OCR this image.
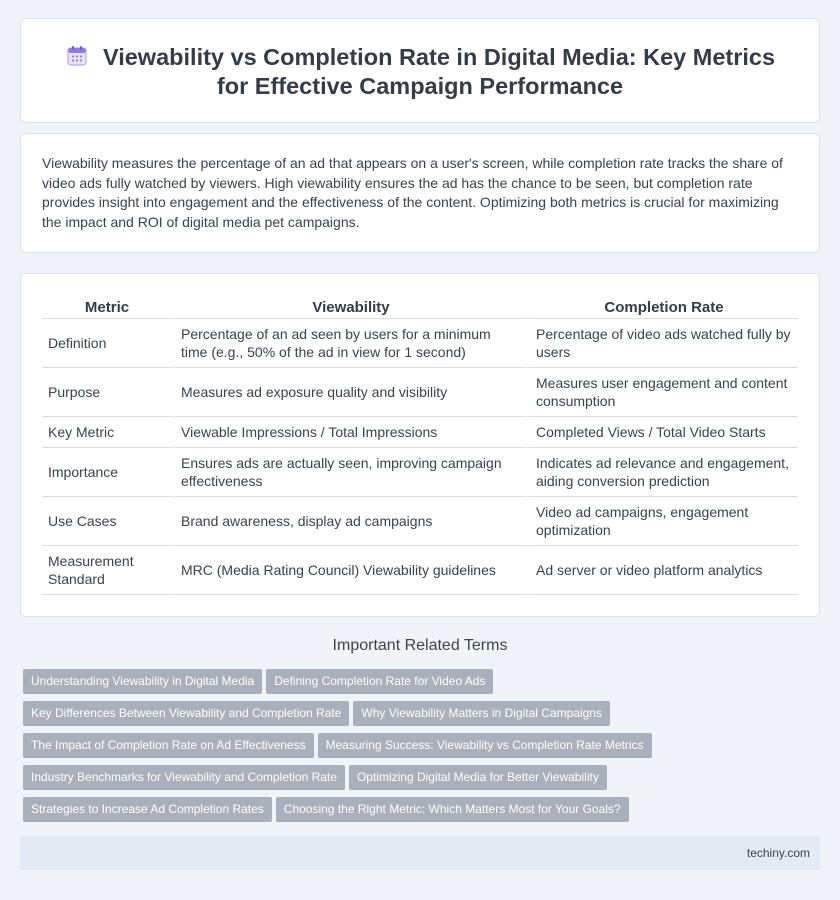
Viewability vs Completion Rate in Digital Media: Key Metrics for Effective Campaign Performance

Viewability measures the percentage of an ad that appears on a user's screen, while completion rate tracks the share of video ads fully watched by viewers. High viewability ensures the ad has the chance to be seen, but completion rate provides insight into engagement and the effectiveness of the content. Optimizing both metrics is crucial for maximizing the impact and ROI of digital media pet campaigns.

Metric	Viewability	Completion Rate
Definition	Percentage of an ad seen by users for a minimum time (e.g., 50% of the ad in view for 1 second)	Percentage of video ads watched fully by users
Purpose	Measures ad exposure quality and visibility	Measures user engagement and content consumption
Key Metric	Viewable Impressions / Total Impressions	Completed Views / Total Video Starts
Importance	Ensures ads are actually seen, improving campaign effectiveness	Indicates ad relevance and engagement, aiding conversion prediction
Use Cases	Brand awareness, display ad campaigns	Video ad campaigns, engagement optimization
Measurement Standard	MRC (Media Rating Council) Viewability guidelines	Ad server or video platform analytics
Important Related Terms
Understanding Viewability in Digital Media Defining Completion Rate for Video Ads
Key Differences Between Viewability and Completion Rate Why Viewability Matters in Digital Campaigns
The Impact of Completion Rate on Ad Effectiveness Measuring Success: Viewability vs Completion Rate Metrics
Industry Benchmarks for Viewability and Completion Rate Optimizing Digital Media for Better Viewability
Strategies to Increase Ad Completion Rates Choosing the Right Metric: Which Matters Most for Your Goals?
techiny.com
